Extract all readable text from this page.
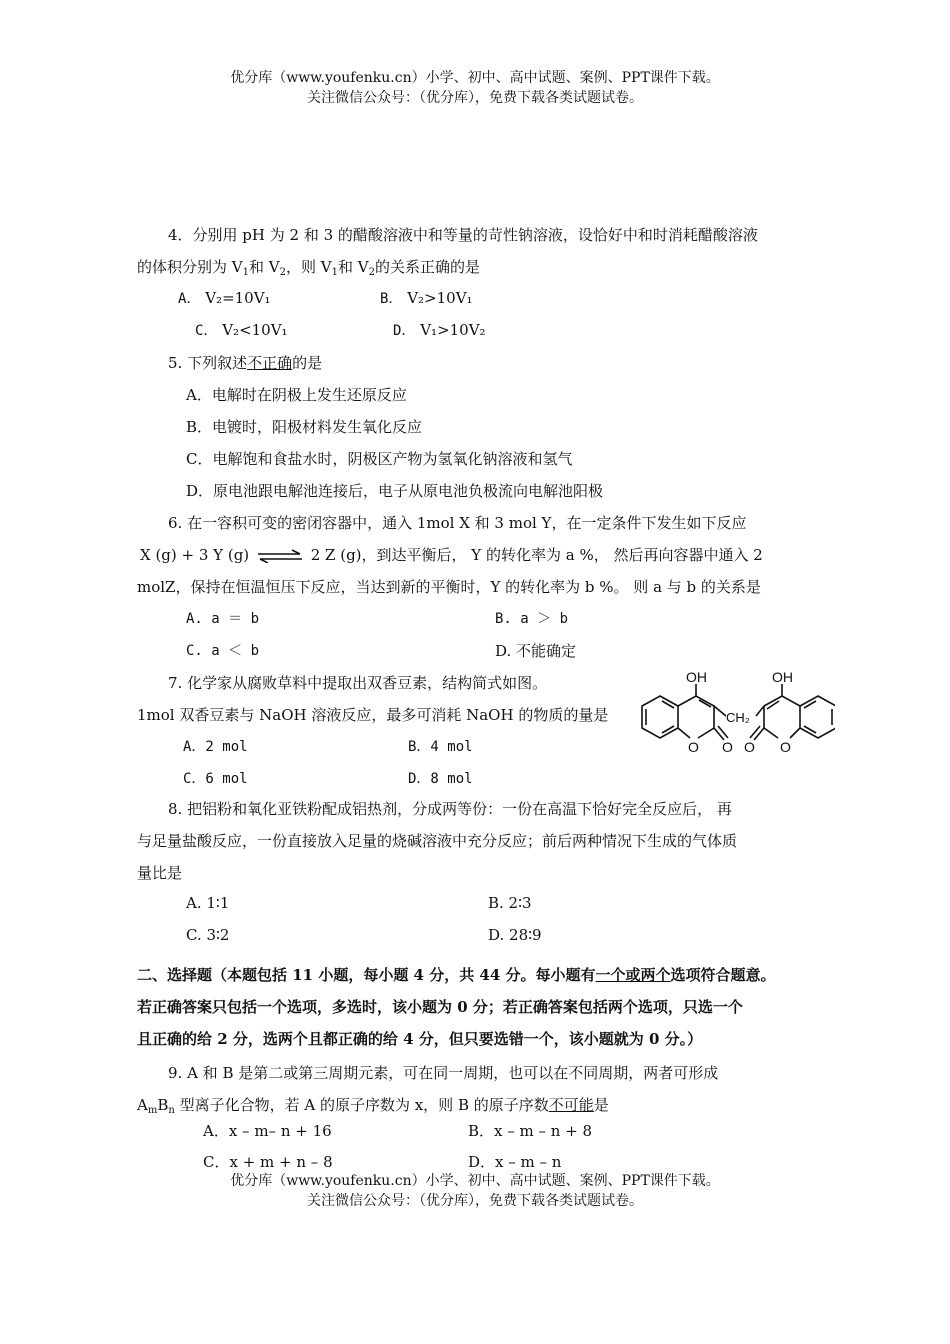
优分库（www.youfenku.cn）小学、初中、高中试题、案例、PPT课件下载。
关注微信公众号：（优分库），免费下载各类试题试卷。
4．分别用 pH 为 2 和 3 的醋酸溶液中和等量的苛性钠溶液，设恰好中和时消耗醋酸溶液
的体积分别为 $V_1$和 $V_2$，则 $V_1$和 $V_2$的关系正确的是
A． V₂=10V₁	B． V₂>10V₁
C． V₂<10V₁	D． V₁>10V₂
5. 下列叙述不正确的是
A．电解时在阴极上发生还原反应
B．电镀时，阳极材料发生氧化反应
C．电解饱和食盐水时，阴极区产物为氢氧化钠溶液和氢气
D．原电池跟电解池连接后，电子从原电池负极流向电解池阳极
6. 在一容积可变的密闭容器中，通入 1mol X 和 3 mol Y，在一定条件下发生如下反应
X (g) + 3 Y (g) ⇌ 2 Z (g)，到达平衡后， Y 的转化率为 a %， 然后再向容器中通入 2
molZ，保持在恒温恒压下反应，当达到新的平衡时，Y 的转化率为 b %。 则 a 与 b 的关系是
A. a ＝ b	B. a ＞ b
C. a ＜ b	D. 不能确定
7. 化学家从腐败草料中提取出双香豆素，结构简式如图。
1mol 双香豆素与 NaOH 溶液反应，最多可消耗 NaOH 的物质的量是
A．2 mol	B．4 mol
C．6 mol	D．8 mol
OH	OH
CH₂
O O O O
8. 把铝粉和氧化亚铁粉配成铝热剂，分成两等份：一份在高温下恰好完全反应后， 再
与足量盐酸反应，一份直接放入足量的烧碱溶液中充分反应；前后两种情况下生成的气体质
量比是
A. 1∶1	B. 2∶3
C. 3∶2	D. 28∶9
二、选择题（本题包括 11 小题，每小题 4 分，共 44 分。每小题有一个或两个选项符合题意。
若正确答案只包括一个选项，多选时，该小题为 0 分；若正确答案包括两个选项，只选一个
且正确的给 2 分，选两个且都正确的给 4 分，但只要选错一个，该小题就为 0 分。）
9. A 和 B 是第二或第三周期元素，可在同一周期，也可以在不同周期，两者可形成
$A_mB_n$ 型离子化合物，若 A 的原子序数为 x，则 B 的原子序数不可能是
A．x – m– n + 16	B．x – m – n + 8
C．x + m + n – 8	D．x – m – n
优分库（www.youfenku.cn）小学、初中、高中试题、案例、PPT课件下载。
关注微信公众号：（优分库），免费下载各类试题试卷。
